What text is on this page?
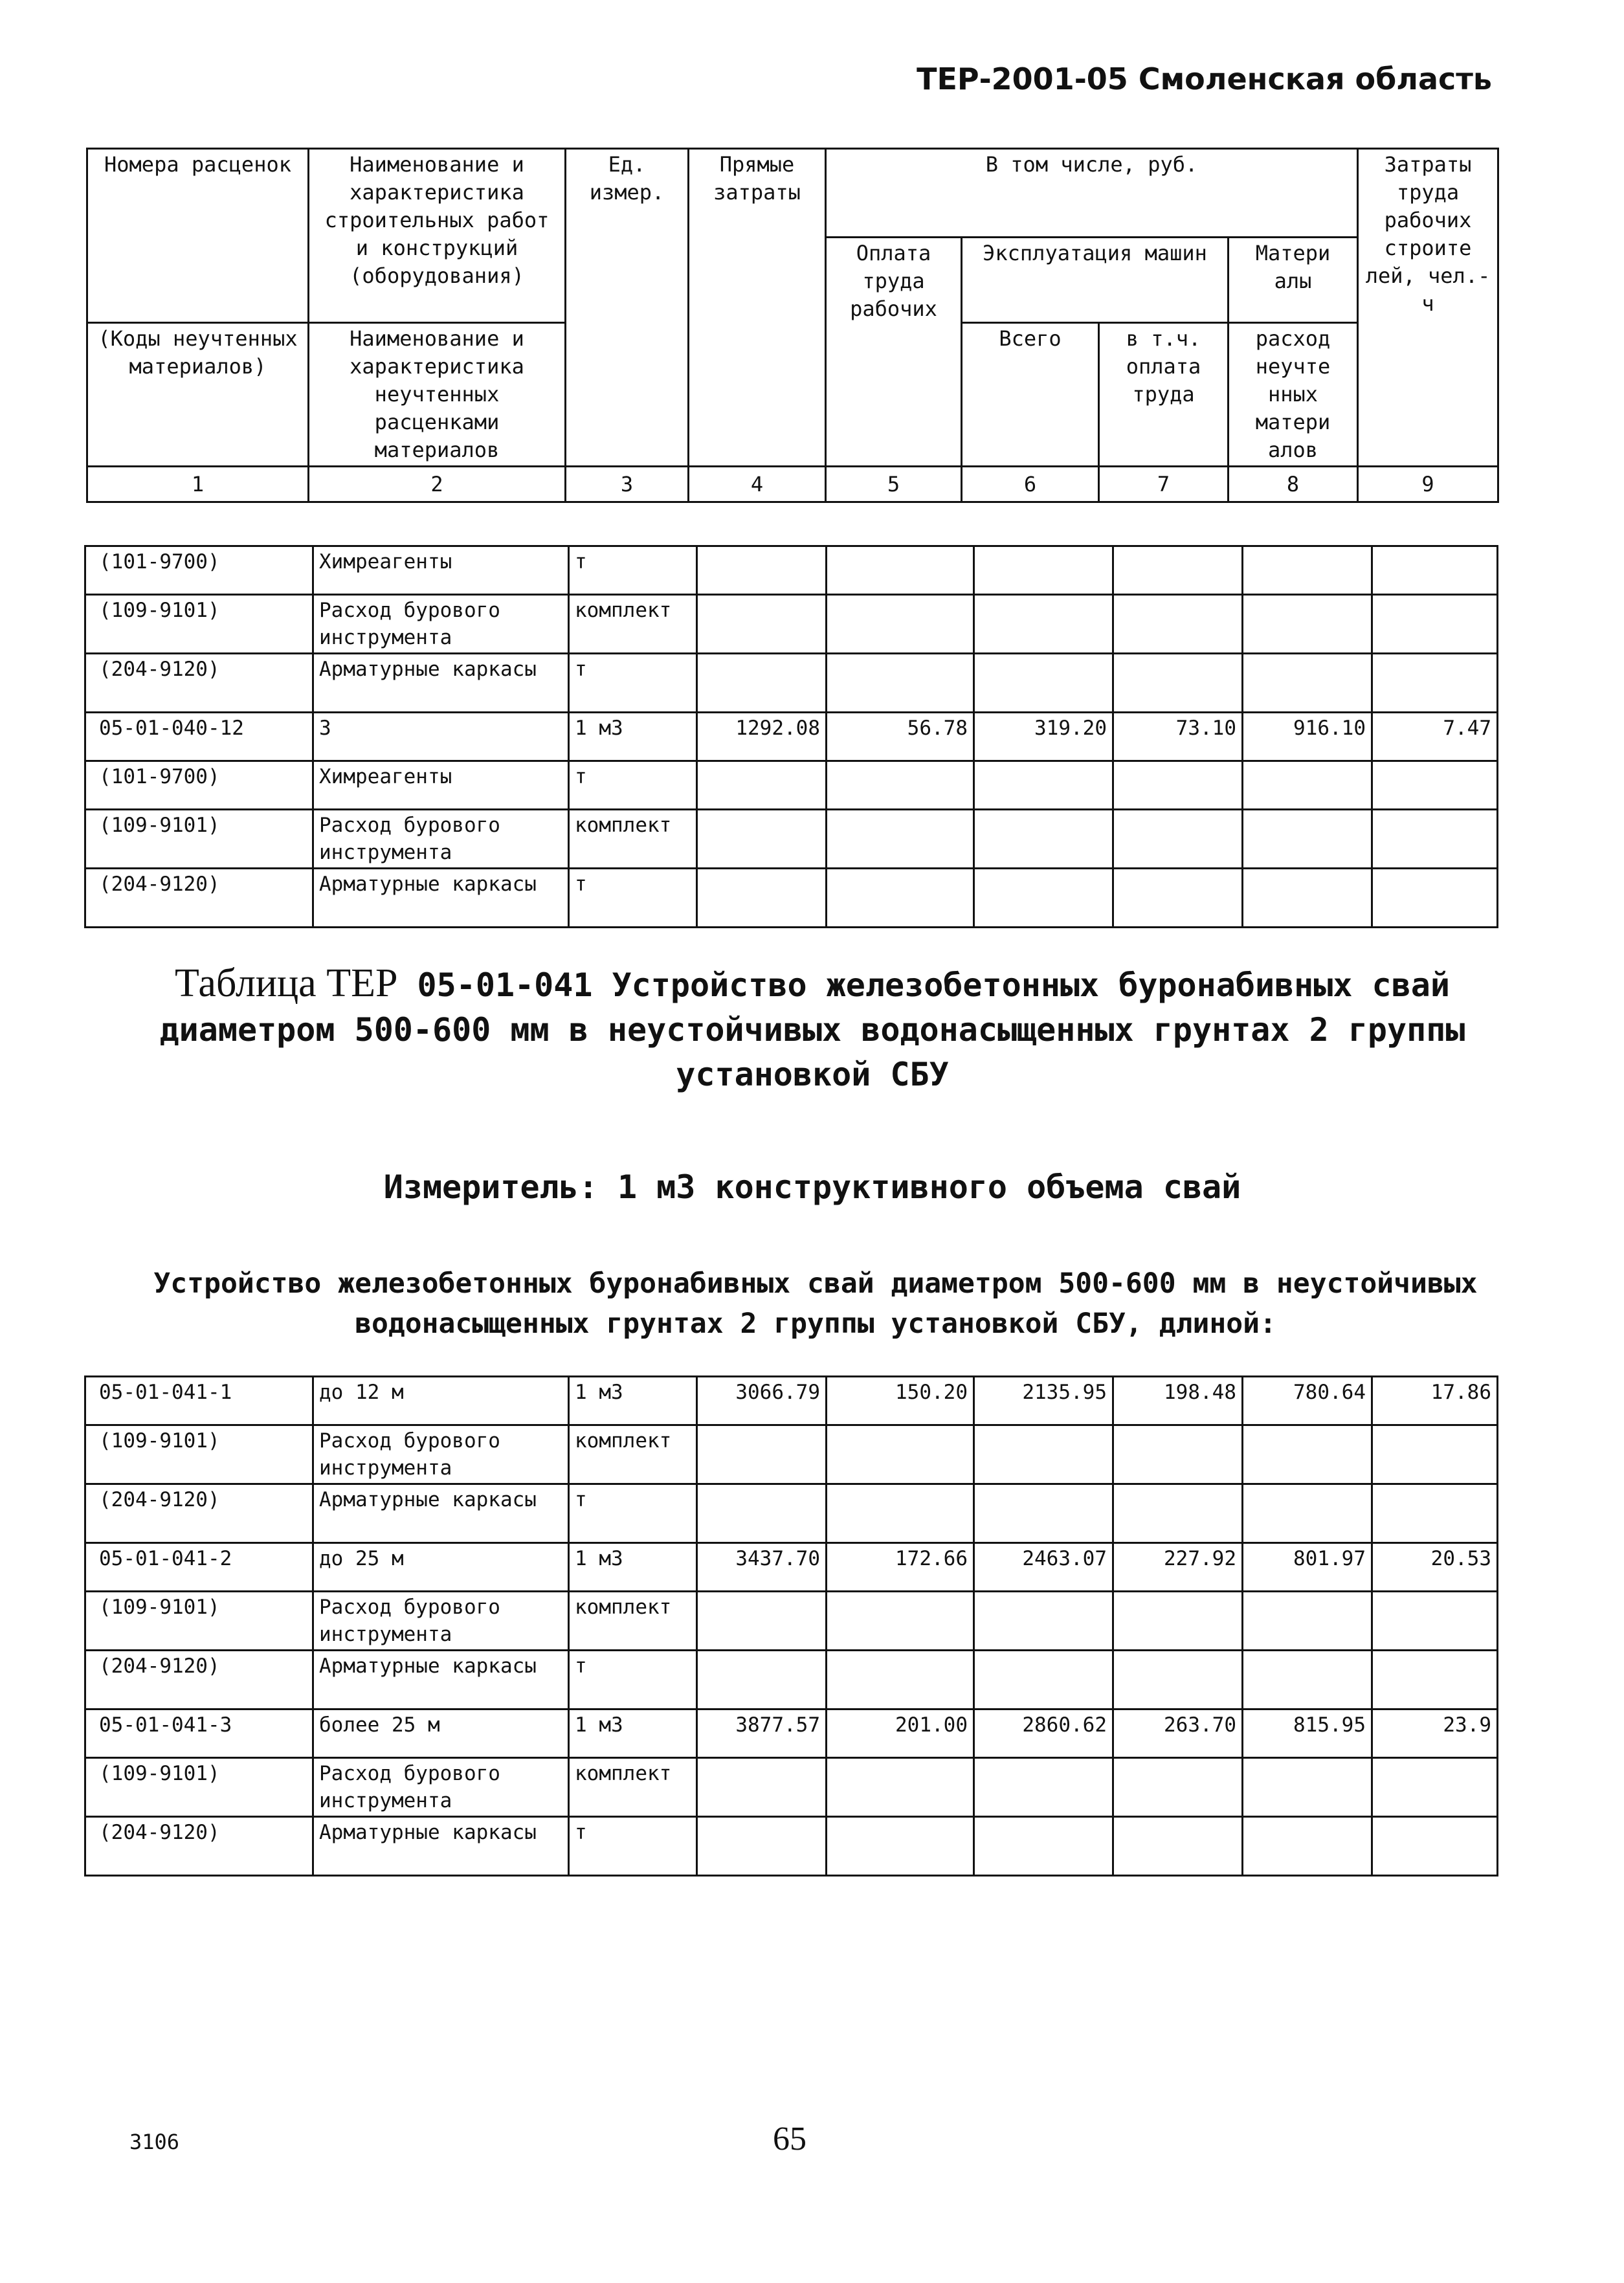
ТЕР-2001-05 Смоленская область
Номера расценок	Наименование и характеристика строительных работ и конструкций (оборудования)	Ед. измер.	Прямые затраты	В том числе, руб.				Затраты труда рабочих строите лей, чел.-ч
				Оплата труда рабочих	Эксплуатация машин		Матери алы	
(Коды неучтенных материалов)	Наименование и характеристика неучтенных расценками материалов				Всего	в т.ч. оплата труда	расход неучте нных матери алов	
1	2	3	4	5	6	7	8	9
(101-9700)	Химреагенты	т						
(109-9101)	Расход бурового инструмента	комплект						
(204-9120)	Арматурные каркасы	т						
05-01-040-12	3	1 м3	1292.08	56.78	319.20	73.10	916.10	7.47
(101-9700)	Химреагенты	т						
(109-9101)	Расход бурового инструмента	комплект						
(204-9120)	Арматурные каркасы	т						
Таблица ТЕР 05-01-041 Устройство железобетонных буронабивных свай диаметром 500-600 мм в неустойчивых водонасыщенных грунтах 2 группы установкой СБУ
Измеритель: 1 м3 конструктивного объема свай
Устройство железобетонных буронабивных свай диаметром 500-600 мм в неустойчивых водонасыщенных грунтах 2 группы установкой СБУ, длиной:
05-01-041-1	до 12 м	1 м3	3066.79	150.20	2135.95	198.48	780.64	17.86
(109-9101)	Расход бурового инструмента	комплект						
(204-9120)	Арматурные каркасы	т						
05-01-041-2	до 25 м	1 м3	3437.70	172.66	2463.07	227.92	801.97	20.53
(109-9101)	Расход бурового инструмента	комплект						
(204-9120)	Арматурные каркасы	т						
05-01-041-3	более 25 м	1 м3	3877.57	201.00	2860.62	263.70	815.95	23.9
(109-9101)	Расход бурового инструмента	комплект						
(204-9120)	Арматурные каркасы	т						
3106	65
